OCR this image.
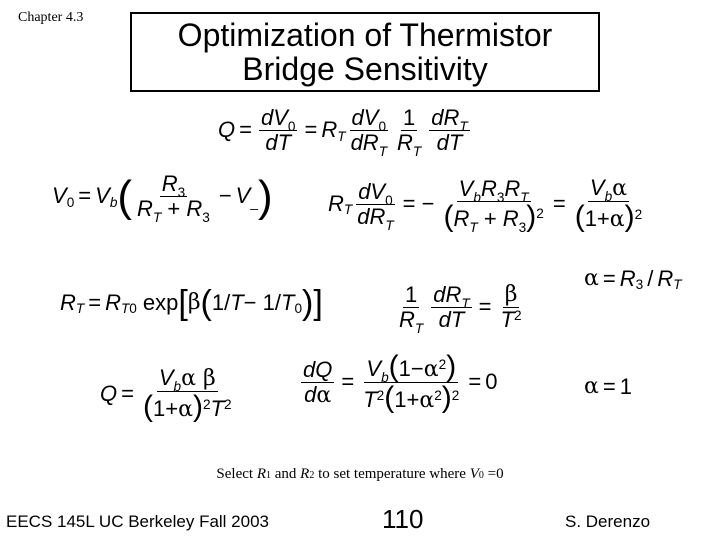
Chapter 4.3	Optimization of Thermistor
Bridge Sensitivity
$Q = \frac{dV_0}{dT} = R$ T $\frac{dV_0}{dR_T} \frac{1}{R_T} \frac{dR_T}{dT}$
V 0 = V b ( $\frac{R_3}{R_T + R_3} - V$ _ )	R T $\frac{dV_0}{dR_T}$ = − $\frac{V_bR_3R_T}{(R_T + R_3)^2} = \frac{V_b\alpha}{(1+\alpha)^2}$
α = R 3 / R T
R T = R T0 exp [ β ( 1/ T − 1/ T 0 ) ]	$\frac{1}{R_T} \frac{dR_T}{dT} = \frac{\beta}{T^2}$
$Q = \frac{V_b\alpha \beta}{(1+\alpha)^2T^2}$	$\frac{dQ}{d\alpha} = \frac{V_b(1-\alpha^2)}{T^2(1+\alpha^2)^2} = 0$	α = 1
Select R1 and R2 to set temperature where V0 =0
EECS 145L UC Berkeley Fall 2003	110	S. Derenzo
